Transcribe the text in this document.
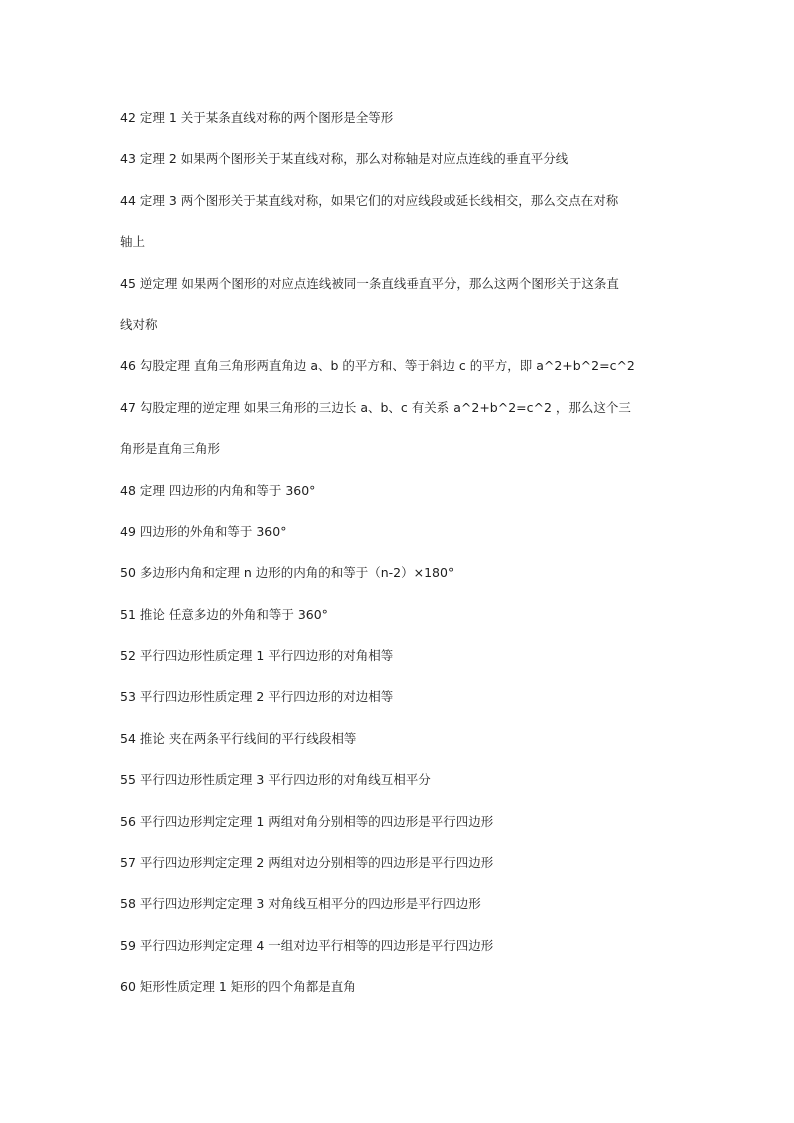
42 定理 1 关于某条直线对称的两个图形是全等形
43 定理 2 如果两个图形关于某直线对称，那么对称轴是对应点连线的垂直平分线
44 定理 3 两个图形关于某直线对称，如果它们的对应线段或延长线相交，那么交点在对称
轴上
45 逆定理 如果两个图形的对应点连线被同一条直线垂直平分，那么这两个图形关于这条直
线对称
46 勾股定理 直角三角形两直角边 a、b 的平方和、等于斜边 c 的平方，即 a^2+b^2=c^2
47 勾股定理的逆定理 如果三角形的三边长 a、b、c 有关系 a^2+b^2=c^2 ，那么这个三
角形是直角三角形
48 定理 四边形的内角和等于 360°
49 四边形的外角和等于 360°
50 多边形内角和定理 n 边形的内角的和等于（n-2）×180°
51 推论 任意多边的外角和等于 360°
52 平行四边形性质定理 1 平行四边形的对角相等
53 平行四边形性质定理 2 平行四边形的对边相等
54 推论 夹在两条平行线间的平行线段相等
55 平行四边形性质定理 3 平行四边形的对角线互相平分
56 平行四边形判定定理 1 两组对角分别相等的四边形是平行四边形
57 平行四边形判定定理 2 两组对边分别相等的四边形是平行四边形
58 平行四边形判定定理 3 对角线互相平分的四边形是平行四边形
59 平行四边形判定定理 4 一组对边平行相等的四边形是平行四边形
60 矩形性质定理 1 矩形的四个角都是直角
